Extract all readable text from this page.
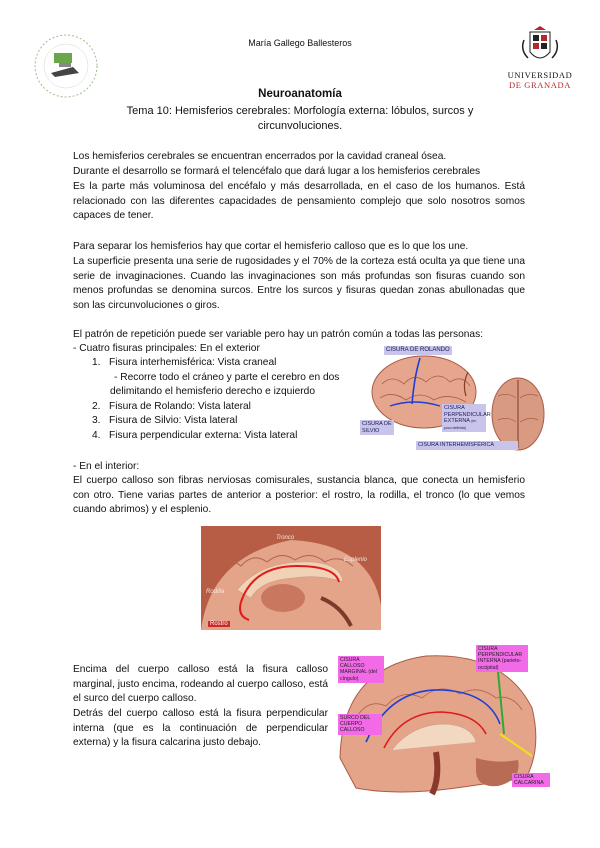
María Gallego Ballesteros
UNIVERSIDAD
DE GRANADA
Neuroanatomía
Tema 10: Hemisferios cerebrales: Morfología externa: lóbulos, surcos y circunvoluciones.

Los hemisferios cerebrales se encuentran encerrados por la cavidad craneal ósea.

Durante el desarrollo se formará el telencéfalo que dará lugar a los hemisferios cerebrales

Es la parte más voluminosa del encéfalo y más desarrollada, en el caso de los humanos. Está relacionado con las diferentes capacidades de pensamiento complejo que solo nosotros somos capaces de tener.

Para separar los hemisferios hay que cortar el hemisferio calloso que es lo que los une.

La superficie presenta una serie de rugosidades y el 70% de la corteza está oculta ya que tiene una serie de invaginaciones. Cuando las invaginaciones son más profundas son fisuras cuando son menos profundas se denomina surcos. Entre los surcos y fisuras quedan zonas abullonadas que son las circunvoluciones o giros.

El patrón de repetición puede ser variable pero hay un patrón común a todas las personas:

- Cuatro fisuras principales: En el exterior

1.   Fisura interhemisférica: Vista craneal
- Recorre todo el cráneo y parte el cerebro en dos
delimitando el hemisferio derecho e izquierdo
2.   Fisura de Rolando: Vista lateral
3.   Fisura de Silvio: Vista lateral
4.   Fisura perpendicular externa: Vista lateral
CISURA DE ROLANDO
CISURA PERPENDICULAR EXTERNA (en poco definida)
CISURA DE SILVIO
CISURA INTERHEMISFÉRICA

- En el interior:

El cuerpo calloso son fibras nerviosas comisurales, sustancia blanca, que conecta un hemisferio con otro. Tiene varias partes de anterior a posterior: el rostro, la rodilla, el tronco (lo que vemos cuando abrimos) y el esplenio.

Tronco
Esplenio
Rodilla
Rostro

Encima del cuerpo calloso está la fisura calloso marginal, justo encima, rodeando al cuerpo calloso, está el surco del cuerpo calloso.

Detrás del cuerpo calloso está la fisura perpendicular interna (que es la continuación de perpendicular externa) y la fisura calcarina justo debajo.

CISURA CALLOSO MARGINAL (del cíngulo)
CISURA PERPENDICULAR INTERNA (parieto-occipital)
SURCO DEL CUERPO CALLOSO
CISURA CALCARINA
